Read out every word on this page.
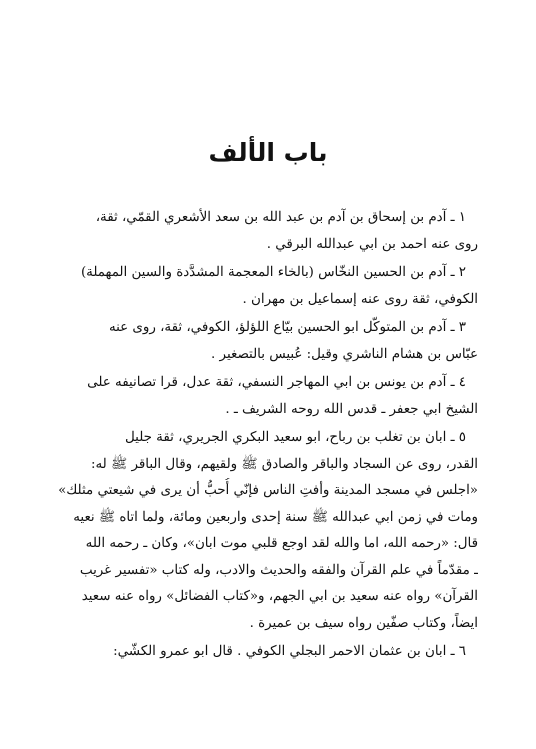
باب الألف
١ ـ آدم بن إسحاق بن آدم بن عبد الله بن سعد الأشعري القمّي، ثقة،
روى عنه احمد بن ابي عبدالله البرقي .
٢ ـ آدم بن الحسين النخّاس (بالخاء المعجمة المشدَّدة والسين المهملة)
الكوفي، ثقة روى عنه إسماعيل بن مهران .
٣ ـ آدم بن المتوكّل ابو الحسين بيّاع اللؤلؤ، الكوفي، ثقة، روى عنه
عبّاس بن هشام الناشري وقيل: عُبيس بالتصغير .
٤ ـ آدم بن يونس بن ابي المهاجر النسفي، ثقة عدل، قرا تصانيفه على
الشيخ ابي جعفر ـ قدس الله روحه الشريف ـ .
٥ ـ ابان بن تغلب بن رباح، ابو سعيد البكري الجريري، ثقة جليل
القدر، روى عن السجاد والباقر والصادق ﷺ ولقيهم، وقال الباقر ﷺ له:
«اجلس في مسجد المدينة وأفتِ الناس فإنّي أُحبُّ أن يرى في شيعتي مثلك»
ومات في زمن ابي عبدالله ﷺ سنة إحدى واربعين ومائة، ولما اتاه ﷺ نعيه
قال: «رحمه الله، اما والله لقد اوجع قلبي موت ابان»، وكان ـ رحمه الله
ـ مقدّماً في علم القرآن والفقه والحديث والادب، وله كتاب «تفسير غريب
القرآن» رواه عنه سعيد بن ابي الجهم، و«كتاب الفضائل» رواه عنه سعيد
ايضاً، وكتاب صفّين رواه سيف بن عميرة .
٦ ـ ابان بن عثمان الاحمر البجلي الكوفي . قال ابو عمرو الكشّي:
